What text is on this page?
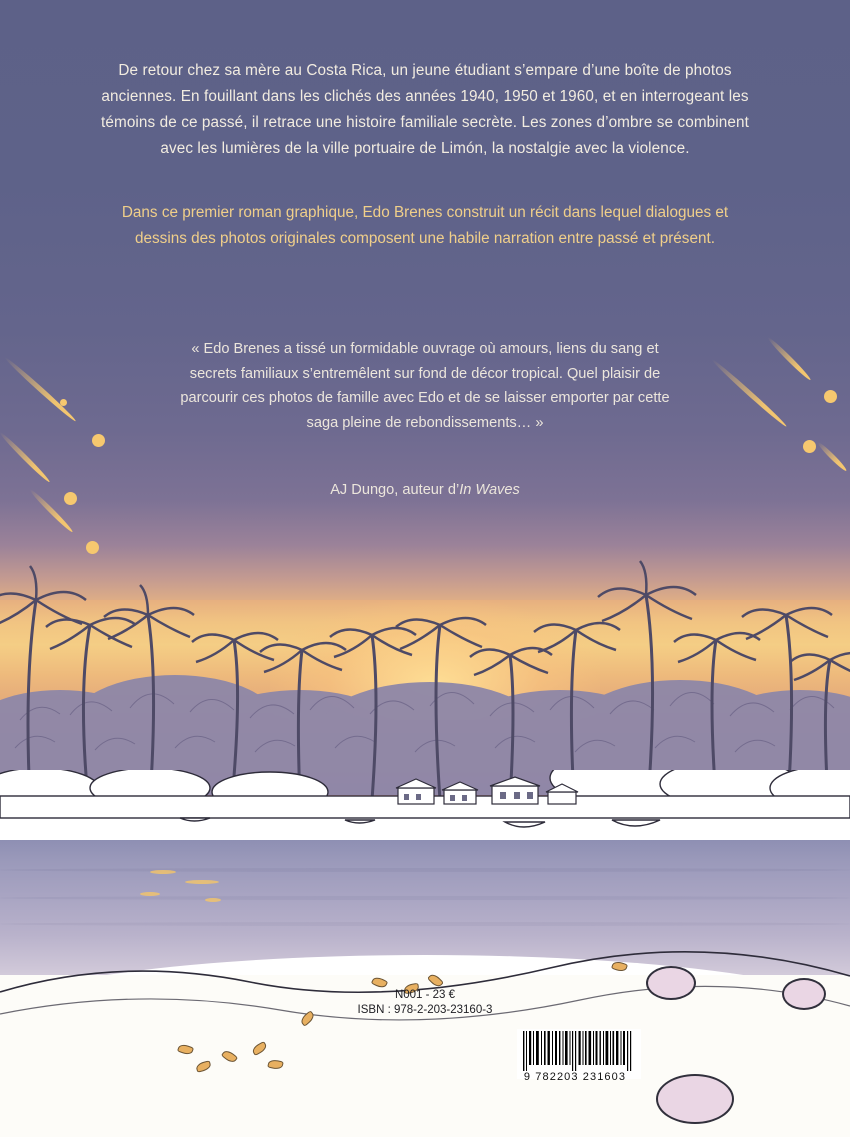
De retour chez sa mère au Costa Rica, un jeune étudiant s’empare d’une boîte de photos anciennes. En fouillant dans les clichés des années 1940, 1950 et 1960, et en interrogeant les témoins de ce passé, il retrace une histoire familiale secrète. Les zones d’ombre se combinent avec les lumières de la ville portuaire de Limón, la nostalgie avec la violence.
Dans ce premier roman graphique, Edo Brenes construit un récit dans lequel dialogues et dessins des photos originales composent une habile narration entre passé et présent.
« Edo Brenes a tissé un formidable ouvrage où amours, liens du sang et secrets familiaux s’entremêlent sur fond de décor tropical. Quel plaisir de parcourir ces photos de famille avec Edo et de se laisser emporter par cette saga pleine de rebondissements… »
AJ Dungo, auteur d’In Waves
N001 - 23 €
ISBN : 978-2-203-23160-3
9 782203 231603
